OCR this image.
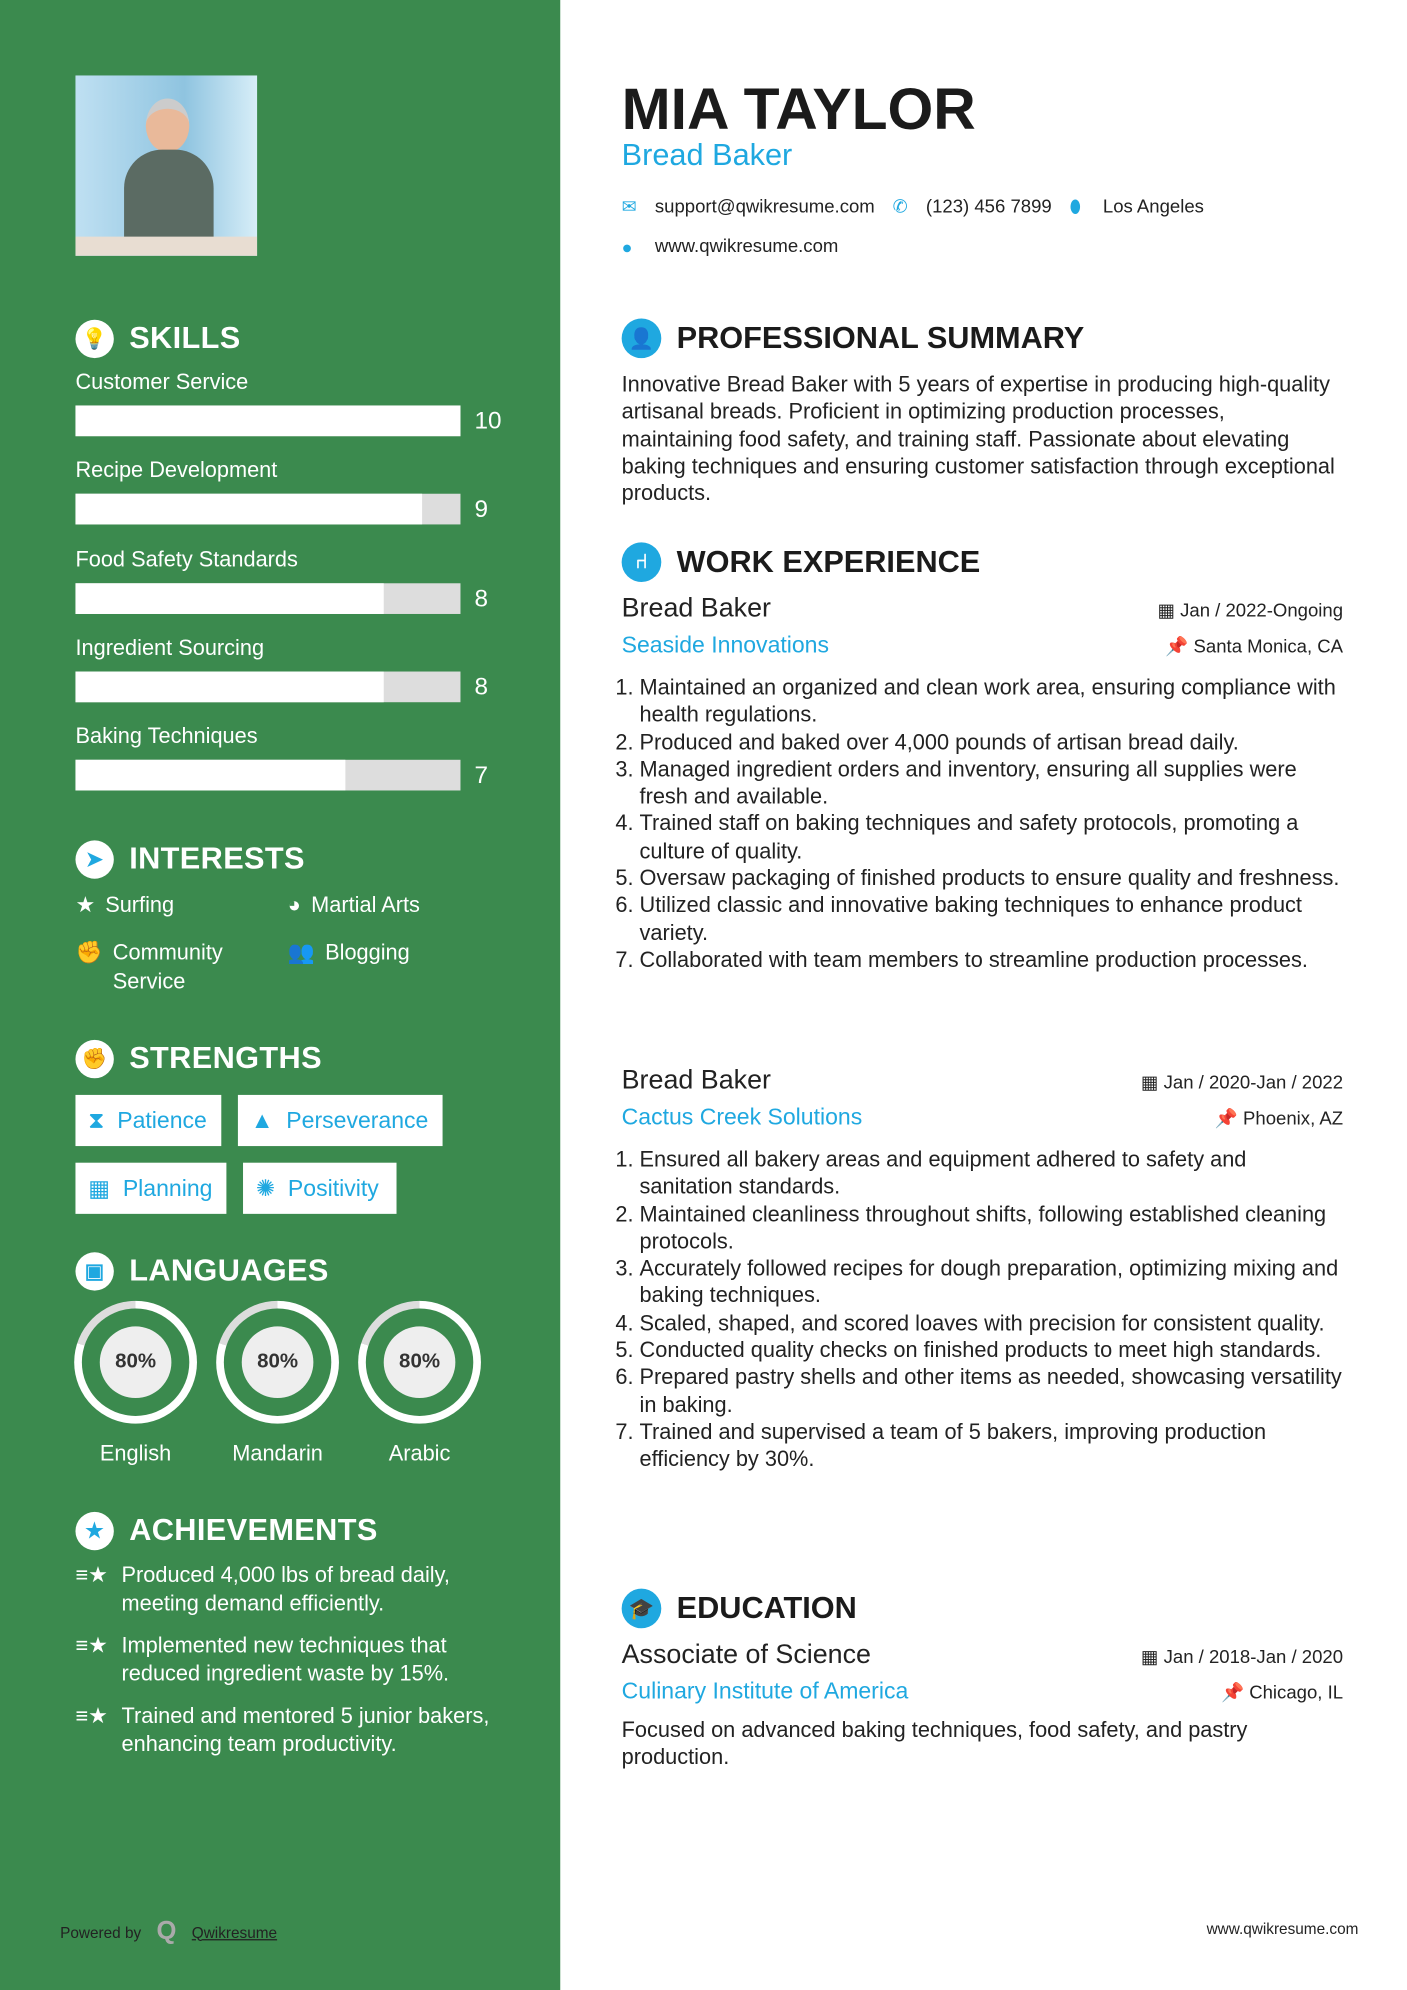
💡 SKILLS
➤	INTERESTS
★ Surfing	◕ Martial Arts
✊ Community Service
👥 Blogging
✊ STRENGTHS
⧗ Patience ▲ Perseverance
▦ Planning ✺ Positivity
▣	LANGUAGES
80%
English
80%
Mandarin
80%
Arabic
★	ACHIEVEMENTS
≡★ Produced 4,000 lbs of bread daily, meeting demand efficiently.
≡★ Implemented new techniques that reduced ingredient waste by 15%.
≡★ Trained and mentored 5 junior bakers, enhancing team productivity.
Powered by Q Qwikresume
Customer Service
10
Recipe Development
9
Food Safety Standards
8
Ingredient Sourcing
8
Baking Techniques
7
MIA TAYLOR
Bread Baker
✉	support@qwikresume.com ✆	(123) 456 7899 ⬮	Los Angeles
●	www.qwikresume.com
👤 PROFESSIONAL SUMMARY
Innovative Bread Baker with 5 years of expertise in producing high-quality artisanal breads. Proficient in optimizing production processes, maintaining food safety, and training staff. Passionate about elevating baking techniques and ensuring customer satisfaction through exceptional products.
⑁	WORK EXPERIENCE
Bread Baker	▦ Jan / 2022-Ongoing
Seaside Innovations	📌 Santa Monica, CA
1. Maintained an organized and clean work area, ensuring compliance with health regulations.
2. Produced and baked over 4,000 pounds of artisan bread daily.
3. Managed ingredient orders and inventory, ensuring all supplies were fresh and available.
4. Trained staff on baking techniques and safety protocols, promoting a culture of quality.
5. Oversaw packaging of finished products to ensure quality and freshness.
6. Utilized classic and innovative baking techniques to enhance product variety.
7. Collaborated with team members to streamline production processes.
Bread Baker	▦ Jan / 2020-Jan / 2022
Cactus Creek Solutions	📌 Phoenix, AZ
1. Ensured all bakery areas and equipment adhered to safety and sanitation standards.
2. Maintained cleanliness throughout shifts, following established cleaning protocols.
3. Accurately followed recipes for dough preparation, optimizing mixing and baking techniques.
4. Scaled, shaped, and scored loaves with precision for consistent quality.
5. Conducted quality checks on finished products to meet high standards.
6. Prepared pastry shells and other items as needed, showcasing versatility in baking.
7. Trained and supervised a team of 5 bakers, improving production efficiency by 30%.
🎓 EDUCATION
Associate of Science	▦ Jan / 2018-Jan / 2020
Culinary Institute of America	📌 Chicago, IL
Focused on advanced baking techniques, food safety, and pastry production.
www.qwikresume.com
